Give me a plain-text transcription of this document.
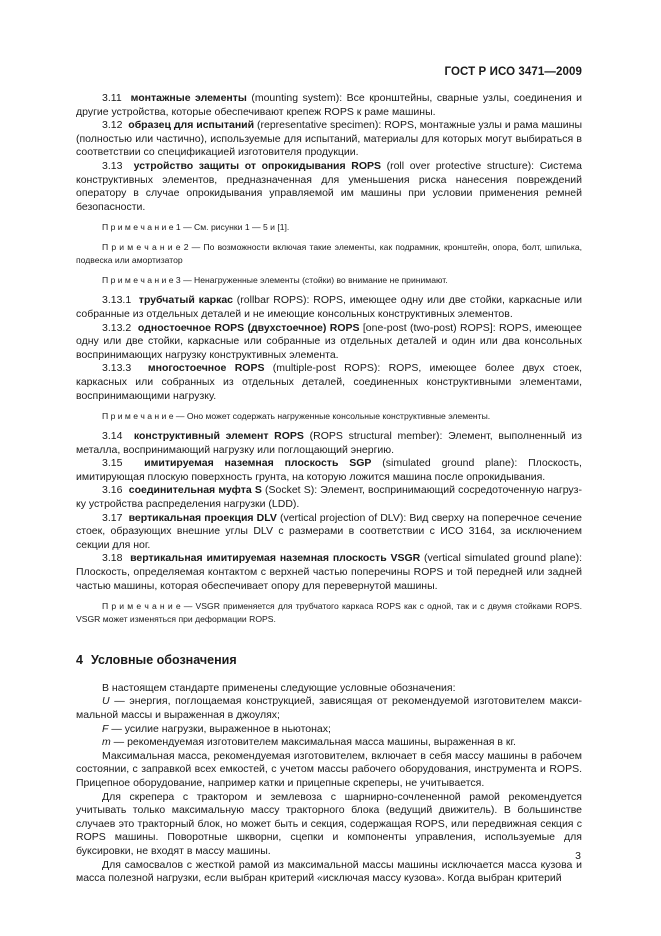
ГОСТ Р ИСО 3471—2009

3.11 монтажные элементы (mounting system): Все кронштейны, сварные узлы, соединения и другие устройства, которые обеспечивают крепеж ROPS к раме машины.

3.12 образец для испытаний (representative specimen): ROPS, монтажные узлы и рама машины (полностью или частично), используемые для испытаний, материалы для которых могут выбираться в соответствии со спецификацией изготовителя продукции.

3.13 устройство защиты от опрокидывания ROPS (roll over protective structure): Система конструктивных элементов, предназначенная для уменьшения риска нанесения повреждений оператору в случае опрокидывания управляемой им машины при условии применения ремней безопасности.

П р и м е ч а н и е 1 — См. рисунки 1 — 5 и [1].

П р и м е ч а н и е 2 — По возможности включая такие элементы, как подрамник, кронштейн, опора, болт, шпилька, подвеска или амортизатор

П р и м е ч а н и е 3 — Ненагруженные элементы (стойки) во внимание не принимают.

3.13.1 трубчатый каркас (rollbar ROPS): ROPS, имеющее одну или две стойки, каркасные или собранные из отдельных деталей и не имеющие консольных конструктивных элементов.

3.13.2 одностоечное ROPS (двухстоечное) ROPS [one-post (two-post) ROPS]: ROPS, имеющее одну или две стойки, каркасные или собранные из отдельных деталей и один или два консольных воспринимающих нагрузку конструктивных элемента.

3.13.3 многостоечное ROPS (multiple-post ROPS): ROPS, имеющее более двух стоек, каркасных или собранных из отдельных деталей, соединенных конструктивными элементами, воспринимающими нагрузку.

П р и м е ч а н и е — Оно может содержать нагруженные консольные конструктивные элементы.

3.14 конструктивный элемент ROPS (ROPS structural member): Элемент, выполненный из металла, воспринимающий нагрузку или поглощающий энергию.

3.15 имитируемая наземная плоскость SGP (simulated ground plane): Плоскость, имитирующая плоскую поверхность грунта, на которую ложится машина после опрокидывания.

3.16 соединительная муфта S (Socket S): Элемент, воспринимающий сосредоточенную нагрузку устройства распределения нагрузки (LDD).

3.17 вертикальная проекция DLV (vertical projection of DLV): Вид сверху на поперечное сечение стоек, образующих внешние углы DLV с размерами в соответствии с ИСО 3164, за исключением секции для ног.

3.18 вертикальная имитируемая наземная плоскость VSGR (vertical simulated ground plane): Плоскость, определяемая контактом с верхней частью поперечины ROPS и той передней или задней частью машины, которая обеспечивает опору для перевернутой машины.

П р и м е ч а н и е — VSGR применяется для трубчатого каркаса ROPS как с одной, так и с двумя стойками ROPS. VSGR может изменяться при деформации ROPS.

4 Условные обозначения

В настоящем стандарте применены следующие условные обозначения:

U — энергия, поглощаемая конструкцией, зависящая от рекомендуемой изготовителем максимальной массы и выраженная в джоулях;

F — усилие нагрузки, выраженное в ньютонах;

m — рекомендуемая изготовителем максимальная масса машины, выраженная в кг.

Максимальная масса, рекомендуемая изготовителем, включает в себя массу машины в рабочем состоянии, с заправкой всех емкостей, с учетом массы рабочего оборудования, инструмента и ROPS. Прицепное оборудование, например катки и прицепные скреперы, не учитывается.

Для скрепера с трактором и землевоза с шарнирно-сочлененной рамой рекомендуется учитывать только максимальную массу тракторного блока (ведущий движитель). В большинстве случаев это тракторный блок, но может быть и секция, содержащая ROPS, или передвижная секция с ROPS машины. Поворотные шкворни, сцепки и компоненты управления, используемые для буксировки, не входят в массу машины.

Для самосвалов с жесткой рамой из максимальной массы машины исключается масса кузова и масса полезной нагрузки, если выбран критерий «исключая массу кузова». Когда выбран критерий

3
